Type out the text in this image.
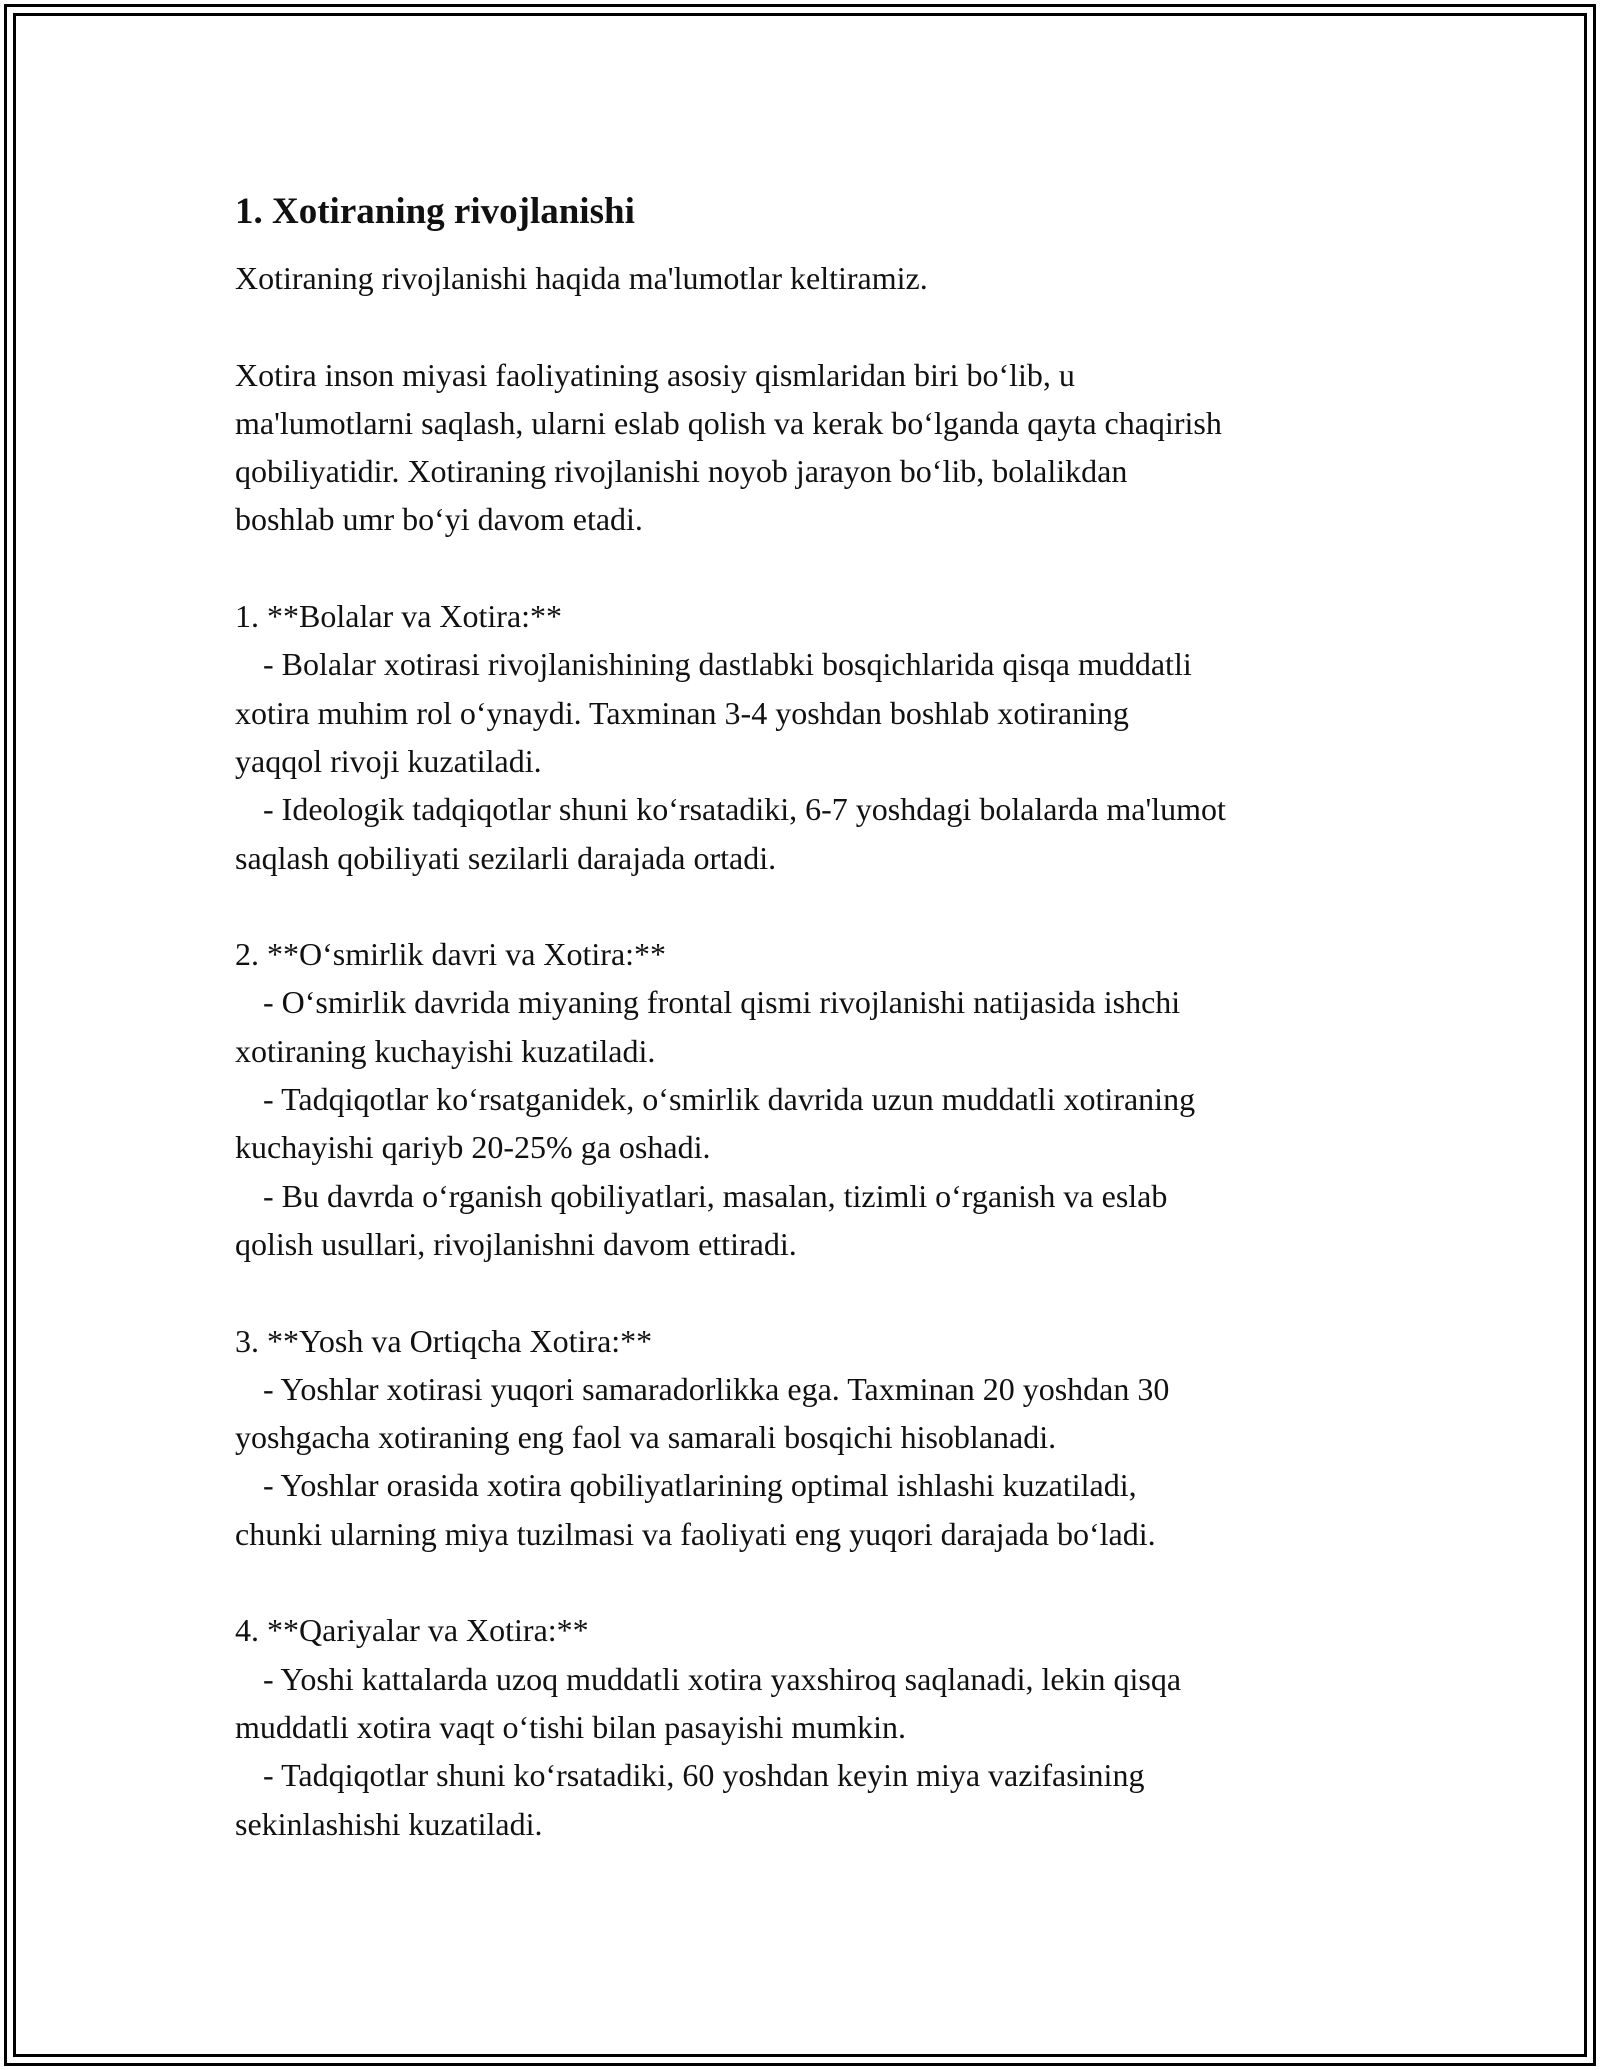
1. Xotiraning rivojlanishi
Xotiraning rivojlanishi haqida ma'lumotlar keltiramiz.
Xotira inson miyasi faoliyatining asosiy qismlaridan biri bo‘lib, u
ma'lumotlarni saqlash, ularni eslab qolish va kerak bo‘lganda qayta chaqirish
qobiliyatidir. Xotiraning rivojlanishi noyob jarayon bo‘lib, bolalikdan
boshlab umr bo‘yi davom etadi.
1. **Bolalar va Xotira:**
- Bolalar xotirasi rivojlanishining dastlabki bosqichlarida qisqa muddatli
xotira muhim rol o‘ynaydi. Taxminan 3-4 yoshdan boshlab xotiraning
yaqqol rivoji kuzatiladi.
- Ideologik tadqiqotlar shuni ko‘rsatadiki, 6-7 yoshdagi bolalarda ma'lumot
saqlash qobiliyati sezilarli darajada ortadi.
2. **O‘smirlik davri va Xotira:**
- O‘smirlik davrida miyaning frontal qismi rivojlanishi natijasida ishchi
xotiraning kuchayishi kuzatiladi.
- Tadqiqotlar ko‘rsatganidek, o‘smirlik davrida uzun muddatli xotiraning
kuchayishi qariyb 20-25% ga oshadi.
- Bu davrda o‘rganish qobiliyatlari, masalan, tizimli o‘rganish va eslab
qolish usullari, rivojlanishni davom ettiradi.
3. **Yosh va Ortiqcha Xotira:**
- Yoshlar xotirasi yuqori samaradorlikka ega. Taxminan 20 yoshdan 30
yoshgacha xotiraning eng faol va samarali bosqichi hisoblanadi.
- Yoshlar orasida xotira qobiliyatlarining optimal ishlashi kuzatiladi,
chunki ularning miya tuzilmasi va faoliyati eng yuqori darajada bo‘ladi.
4. **Qariyalar va Xotira:**
- Yoshi kattalarda uzoq muddatli xotira yaxshiroq saqlanadi, lekin qisqa
muddatli xotira vaqt o‘tishi bilan pasayishi mumkin.
- Tadqiqotlar shuni ko‘rsatadiki, 60 yoshdan keyin miya vazifasining
sekinlashishi kuzatiladi.
